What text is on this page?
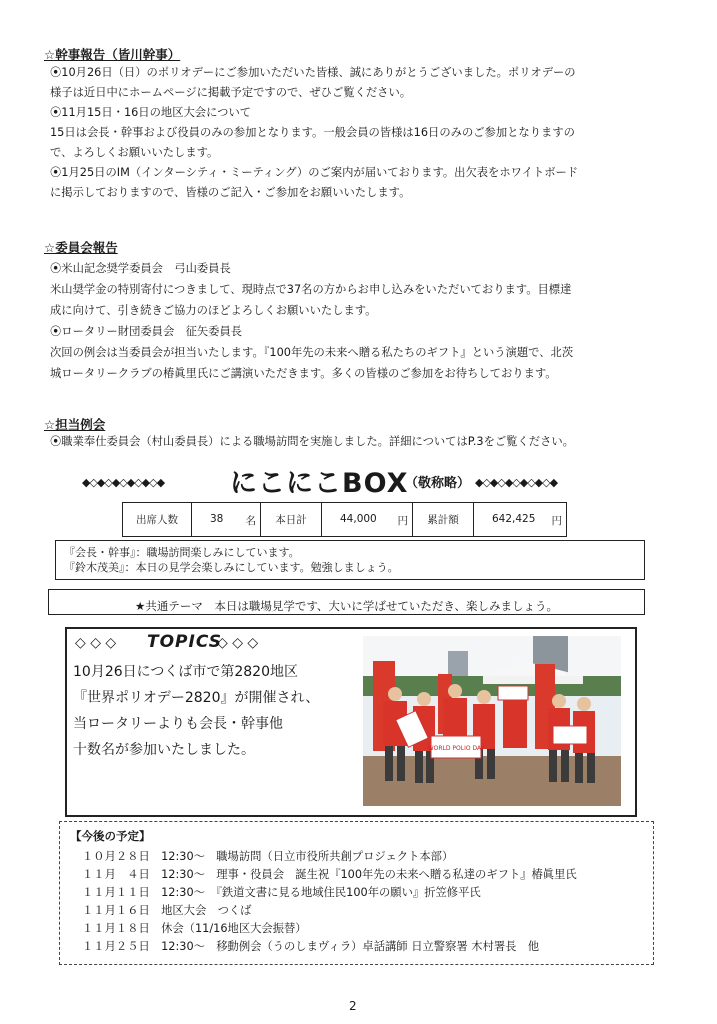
☆幹事報告（皆川幹事）
⦿10月26日（日）のポリオデーにご参加いただいた皆様、誠にありがとうございました。ポリオデーの
様子は近日中にホームページに掲載予定ですので、ぜひご覧ください。
⦿11月15日・16日の地区大会について
15日は会長・幹事および役員のみの参加となります。一般会員の皆様は16日のみのご参加となりますの
で、よろしくお願いいたします。
⦿1月25日のIM（インターシティ・ミーティング）のご案内が届いております。出欠表をホワイトボード
に掲示しておりますので、皆様のご記入・ご参加をお願いいたします。
☆委員会報告
⦿米山記念奨学委員会　弓山委員長
米山奨学金の特別寄付につきまして、現時点で37名の方からお申し込みをいただいております。目標達
成に向けて、引き続きご協力のほどよろしくお願いいたします。
⦿ロータリー財団委員会　征矢委員長
次回の例会は当委員会が担当いたします。『100年先の未来へ贈る私たちのギフト』という演題で、北茨
城ロータリークラブの椿眞里氏にご講演いただきます。多くの皆様のご参加をお待ちしております。
☆担当例会
⦿職業奉仕委員会（村山委員長）による職場訪問を実施しました。詳細についてはP.3をご覧ください。
◆◇◆◇◆◇◆◇◆◇◆ にこにこBOX
（敬称略） ◆◇◆◇◆◇◆◇◆◇◆
出席人数	38 名	本日計	44,000 円	累計額	642,425 円
『会長・幹事』：職場訪問楽しみにしています。
『鈴木茂美』：本日の見学会楽しみにしています。勉強しましょう。
★共通テーマ　本日は職場見学です、大いに学ばせていただき、楽しみましょう。
◇ ◇ ◇ TOPICS
◇ ◇ ◇
10月26日につくば市で第2820地区
『世界ポリオデー2820』が開催され、
当ロータリーよりも会長・幹事他
十数名が参加いたしました。	WORLD POLIO DAY
【今後の予定】
１０月２８日　12:30～　職場訪問（日立市役所共創プロジェクト本部）
１１月　４日　12:30～　理事・役員会　誕生祝『100年先の未来へ贈る私達のギフト』椿眞里氏
１１月１１日　12:30～　『鉄道文書に見る地域住民100年の願い』折笠修平氏
１１月１６日　地区大会　つくば
１１月１８日　休会（11/16地区大会振替）
１１月２５日　12:30～　移動例会（うのしまヴィラ）卓話講師 日立警察署 木村署長　他
2
